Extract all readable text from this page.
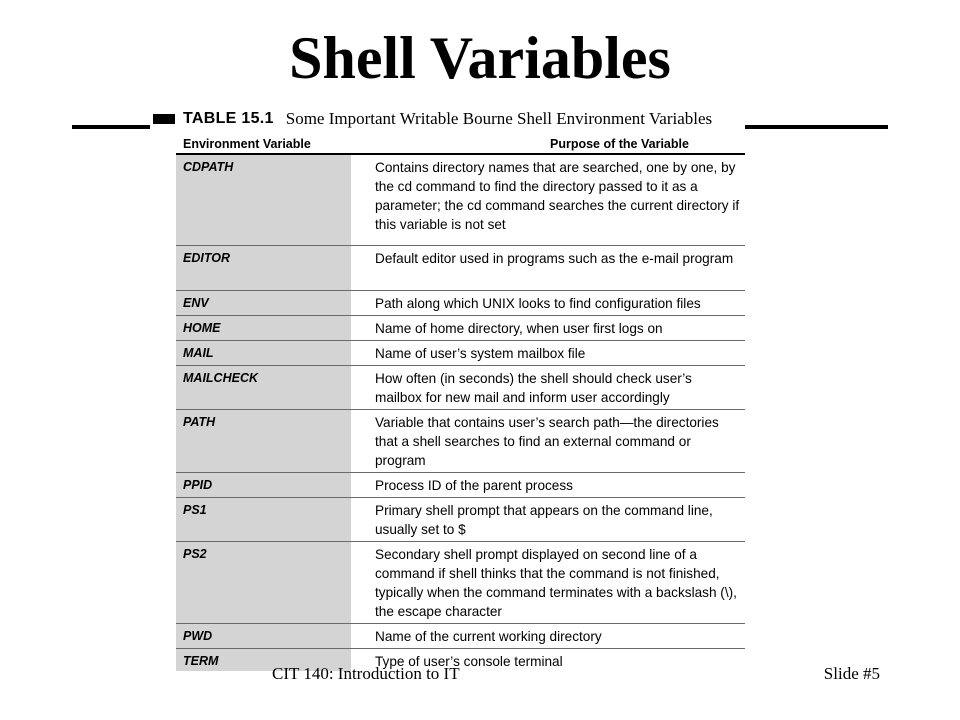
Shell Variables
TABLE 15.1 Some Important Writable Bourne Shell Environment Variables
Environment Variable	Purpose of the Variable
CDPATH	Contains directory names that are searched, one by one, by the cd command to find the directory passed to it as a parameter; the cd command searches the current directory if this variable is not set
EDITOR	Default editor used in programs such as the e-mail program
ENV	Path along which UNIX looks to find configuration files
HOME	Name of home directory, when user first logs on
MAIL	Name of user’s system mailbox file
MAILCHECK	How often (in seconds) the shell should check user’s mailbox for new mail and inform user accordingly
PATH	Variable that contains user’s search path—the directories that a shell searches to find an external command or program
PPID	Process ID of the parent process
PS1	Primary shell prompt that appears on the command line, usually set to $
PS2	Secondary shell prompt displayed on second line of a command if shell thinks that the command is not finished, typically when the command terminates with a backslash (\), the escape character
PWD	Name of the current working directory
TERM	Type of user’s console terminal
CIT 140: Introduction to IT	Slide #5
